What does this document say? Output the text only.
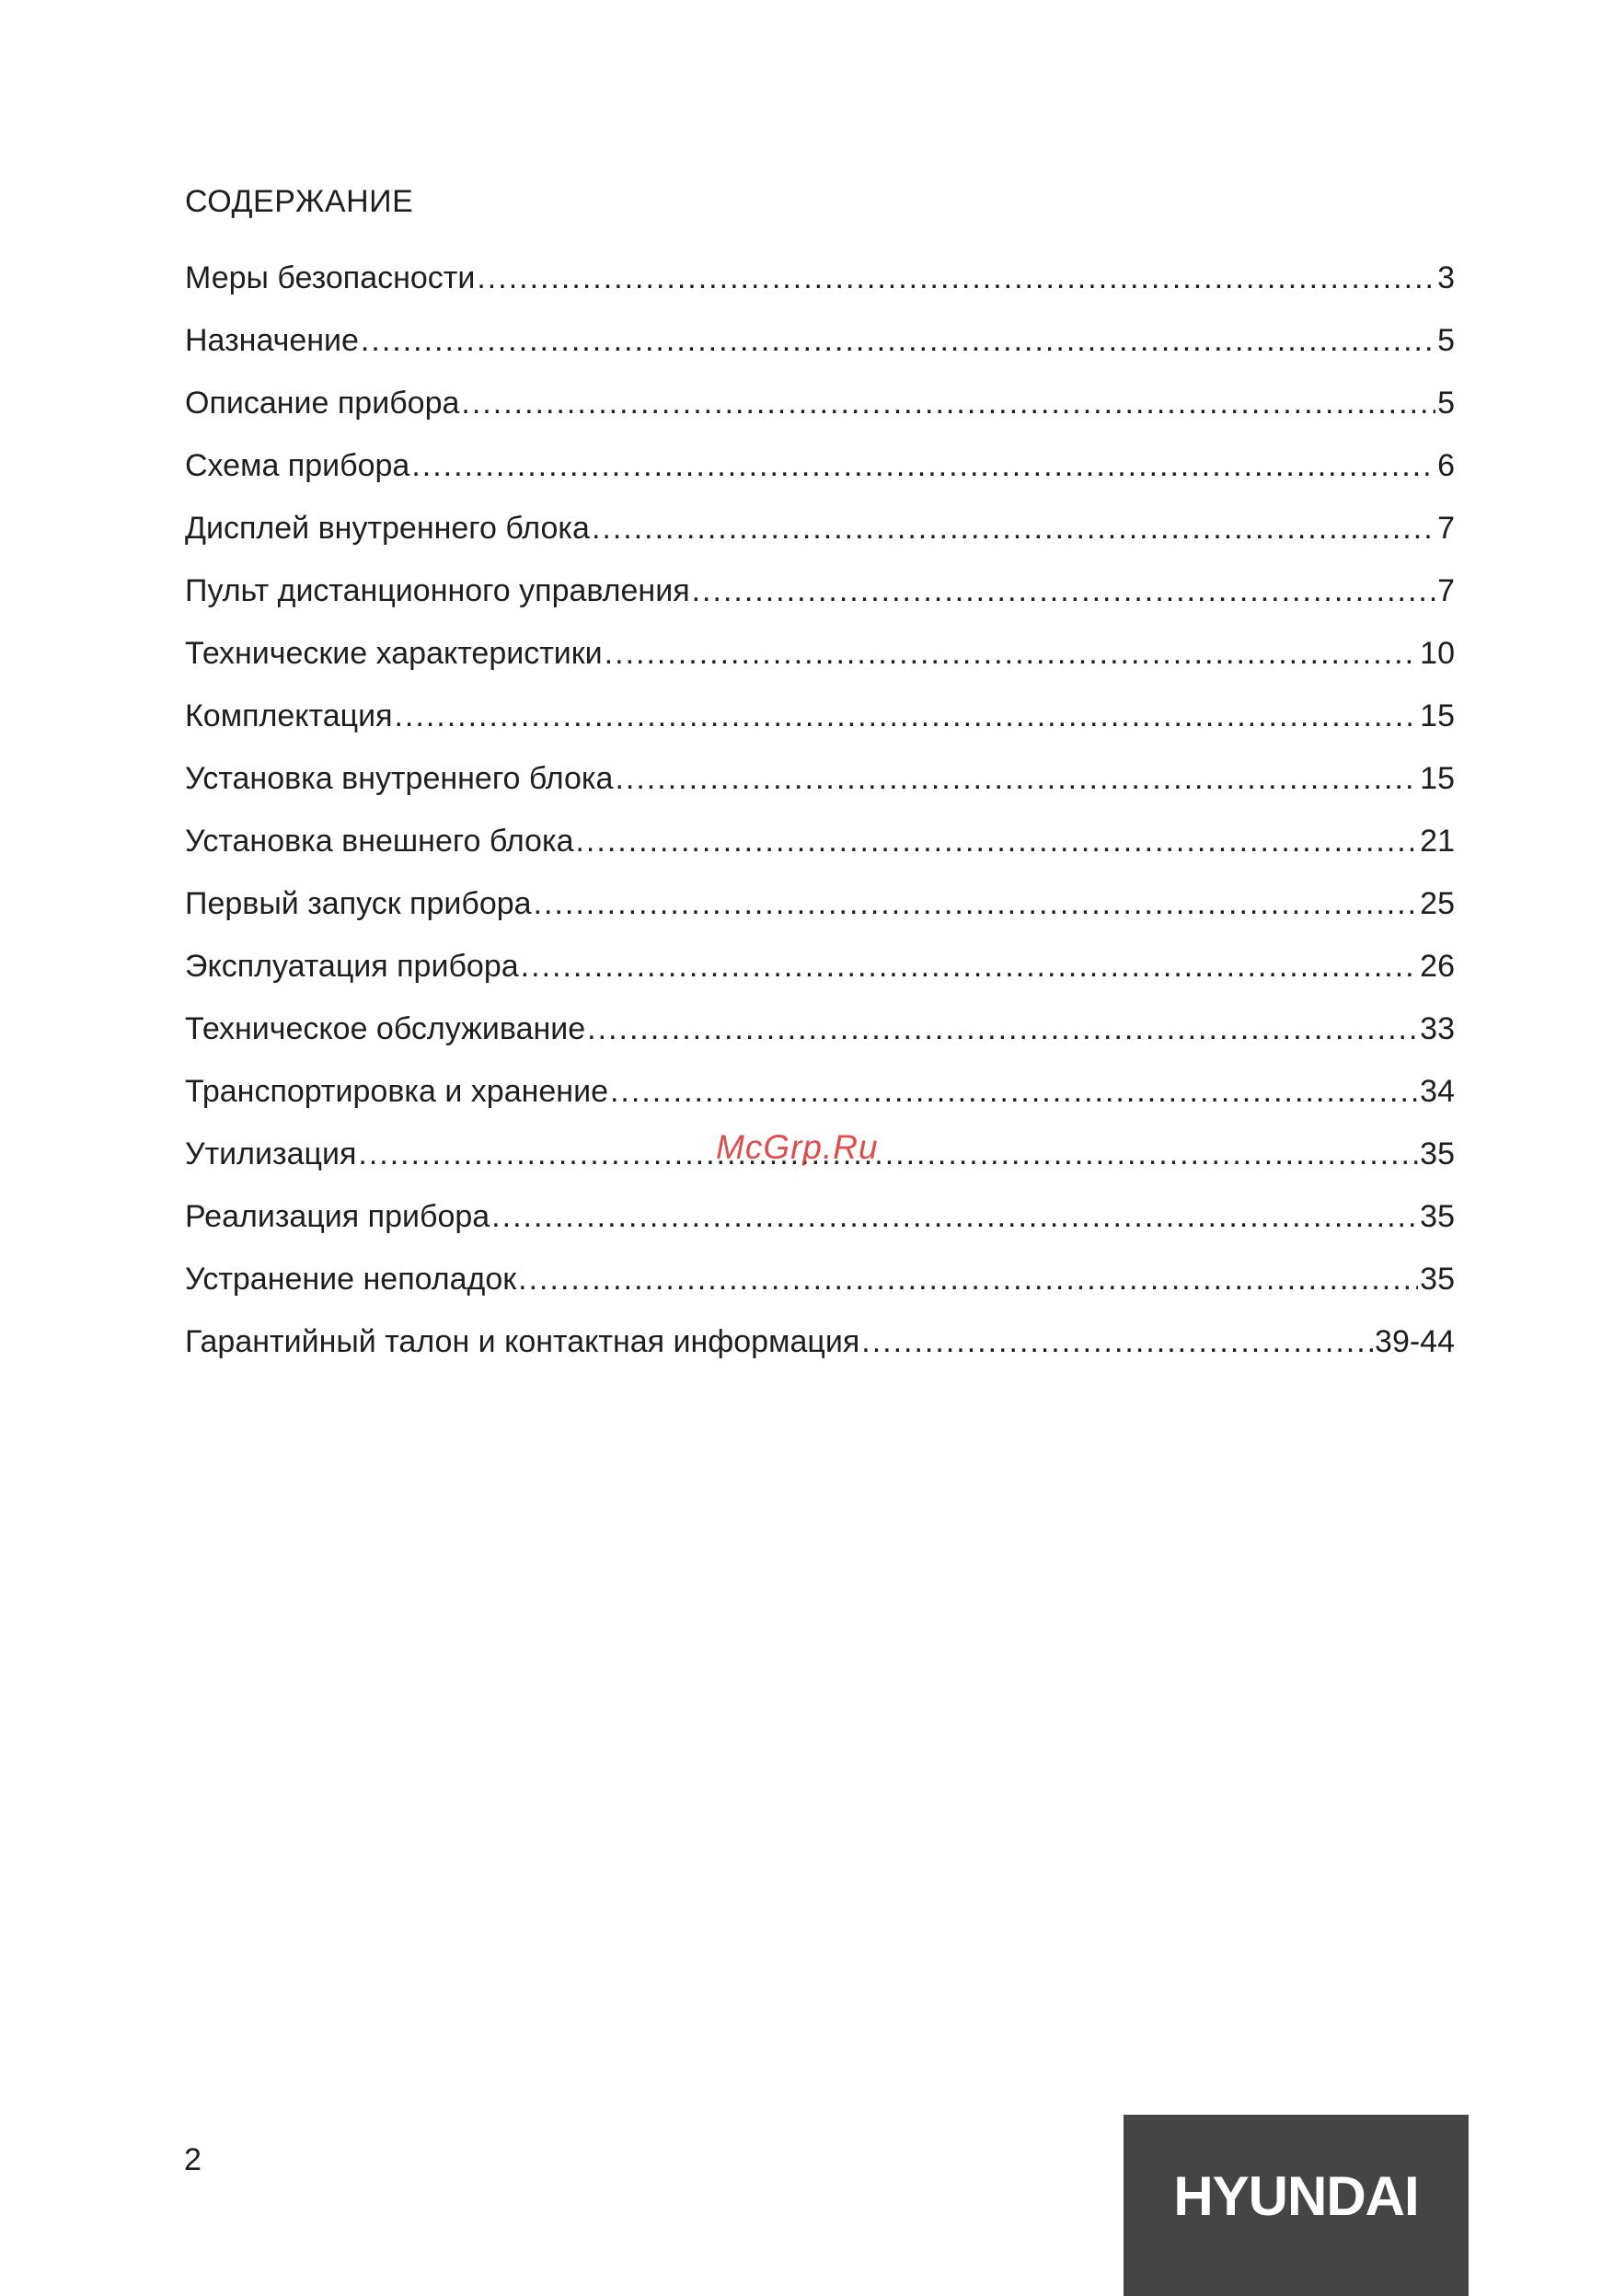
СОДЕРЖАНИЕ
Меры безопасности .....	3
Назначение .....	5
Описание прибора .....	5
Схема прибора .....	6
Дисплей внутреннего блока .....	7
Пульт дистанционного управления .....	7
Технические характеристики .....	10
Комплектация .....	15
Установка внутреннего блока .....	15
Установка внешнего блока .....	21
Первый запуск прибора .....	25
Эксплуатация прибора .....	26
Техническое обслуживание .....	33
Транспортировка и хранение .....	34
Утилизация .....	35
Реализация прибора .....	35
Устранение неполадок .....	35
Гарантийный талон и контактная информация .....	39-44
McGrp.Ru
2
HYUNDAI
